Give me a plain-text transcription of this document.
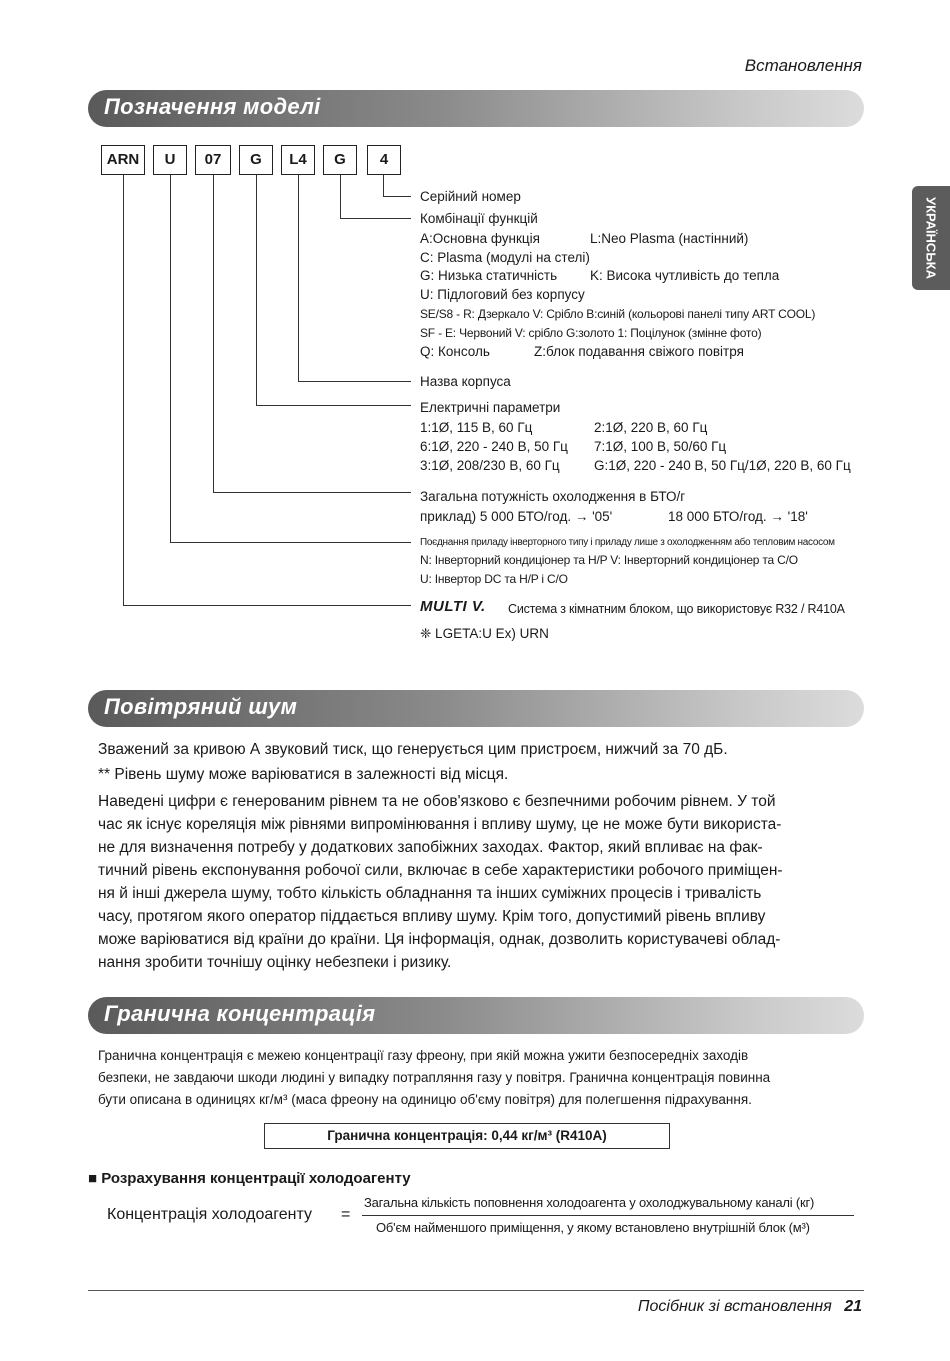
Встановлення
УКРАЇНСЬКА
Позначення моделі
ARN	U	07	G	L4	G	4
Серійний номер
Комбінації функцій
A:Основна функція	L:Neo Plasma (настінний)
C: Plasma (модулі на стелі)
G: Низька статичність K: Висока чутливість до тепла
U: Підлоговий без корпусу
SE/S8 - R: Дзеркало V: Срібло B:синій (кольорові панелі типу ART COOL)
SF - E: Червоний V: срібло G:золото 1: Поцілунок (змінне фото)
Q: Консоль	Z:блок подавання свіжого повітря
Назва корпуса
Електричні параметри
1:1Ø, 115 В, 60 Гц	2:1Ø, 220 В, 60 Гц
6:1Ø, 220 - 240 В, 50 Гц 7:1Ø, 100 В, 50/60 Гц
3:1Ø, 208/230 В, 60 Гц	G:1Ø, 220 - 240 В, 50 Гц/1Ø, 220 В, 60 Гц
Загальна потужність охолодження в БТО/г
приклад) 5 000 БТО/год. → '05'	18 000 БТО/год. → '18'
Поєднання приладу інверторного типу і приладу лише з охолодженням або тепловим насосом
N: Інверторний кондиціонер та H/P V: Інверторний кондиціонер та C/O
U: Інвертор DC та H/P і C/O
MULTI V. Система з кімнатним блоком, що використовує R32 / R410A
❈ LGETA:U Ex) URN
Повітряний шум
Зважений за кривою А звуковий тиск, що генерується цим пристроєм, нижчий за 70 дБ.
** Рівень шуму може варіюватися в залежності від місця.
Наведені цифри є генерованим рівнем та не обов'язково є безпечними робочим рівнем. У той
час як існує кореляція між рівнями випромінювання і впливу шуму, це не може бути використа-
не для визначення потребу у додаткових запобіжних заходах. Фактор, який впливає на фак-
тичний рівень експонування робочої сили, включає в себе характеристики робочого приміщен-
ня й інші джерела шуму, тобто кількість обладнання та інших суміжних процесів і тривалість
часу, протягом якого оператор піддається впливу шуму. Крім того, допустимий рівень впливу
може варіюватися від країни до країни. Ця інформація, однак, дозволить користувачеві облад-
нання зробити точнішу оцінку небезпеки і ризику.
Гранична концентрація
Гранична концентрація є межею концентрації газу фреону, при якій можна ужити безпосередніх заходів
безпеки, не завдаючи шкоди людині у випадку потрапляння газу у повітря. Гранична концентрація повинна
бути описана в одиницях кг/м³ (маса фреону на одиницю об'єму повітря) для полегшення підрахування.
Гранична концентрація: 0,44 кг/м³ (R410A)
■ Розрахування концентрації холодоагенту
Концентрація холодоагенту =
Загальна кількість поповнення холодоагента у охолоджувальному каналі (кг)
Об'єм найменшого приміщення, у якому встановлено внутрішній блок (м³)
Посібник зі встановлення 21
